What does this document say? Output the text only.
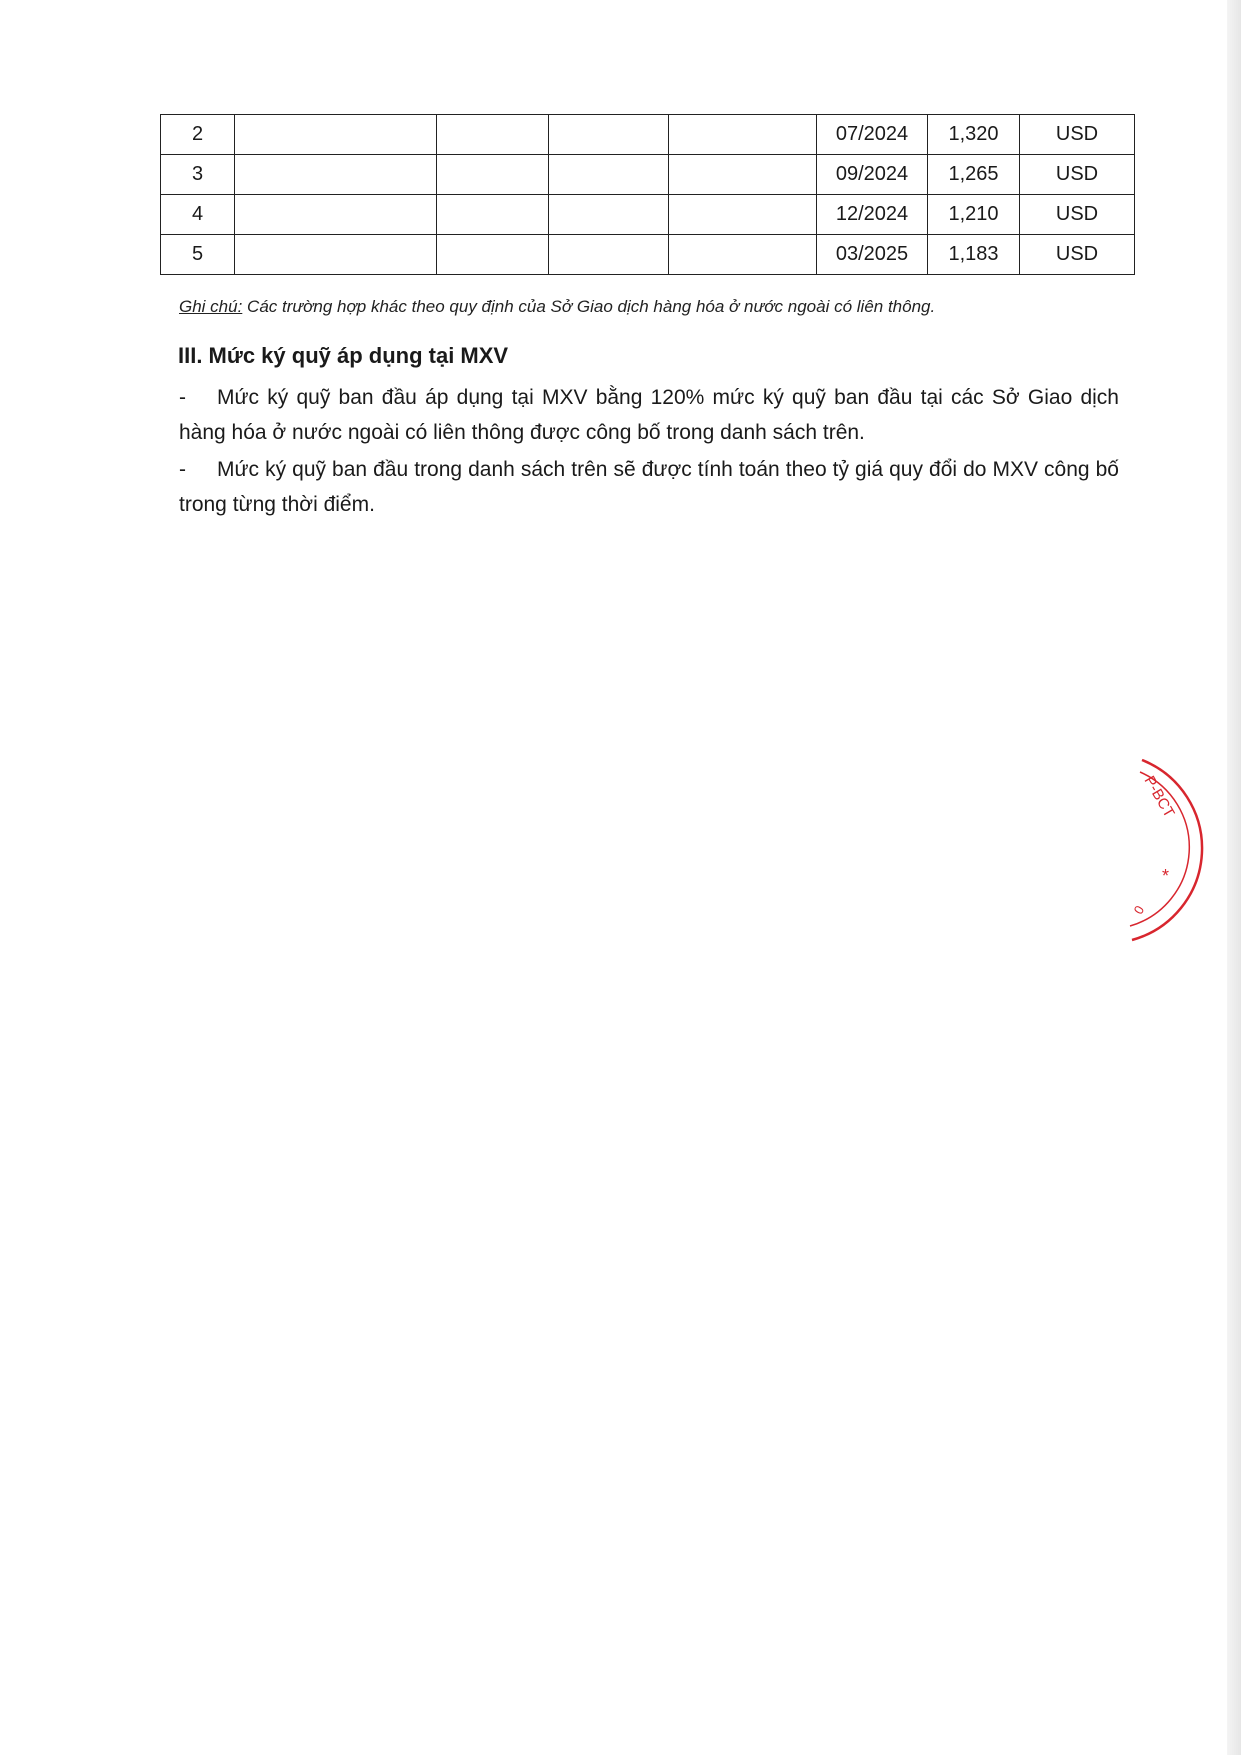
2					07/2024	1,320	USD
3					09/2024	1,265	USD
4					12/2024	1,210	USD
5					03/2025	1,183	USD
Ghi chú: Các trường hợp khác theo quy định của Sở Giao dịch hàng hóa ở nước ngoài có liên thông.
III. Mức ký quỹ áp dụng tại MXV
- Mức ký quỹ ban đầu áp dụng tại MXV bằng 120% mức ký quỹ ban đầu tại các Sở Giao dịch hàng hóa ở nước ngoài có liên thông được công bố trong danh sách trên.
- Mức ký quỹ ban đầu trong danh sách trên sẽ được tính toán theo tỷ giá quy đổi do MXV công bố trong từng thời điểm.
P-BCT
*
0
